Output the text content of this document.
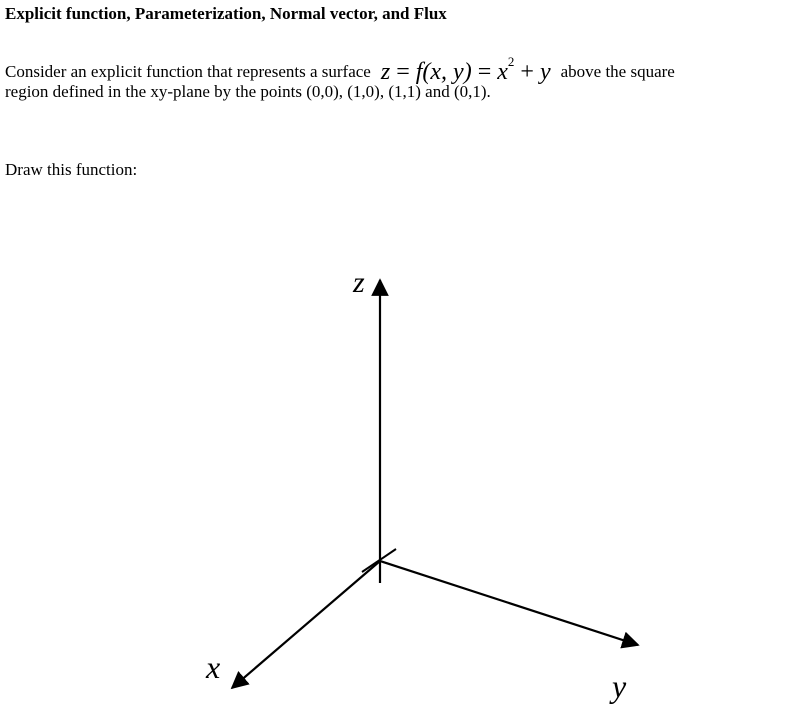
Explicit function, Parameterization, Normal vector, and Flux
Consider an explicit function that represents a surface z = f(x, $y) = x^2 + y$ above the square
region defined in the xy-plane by the points (0,0), (1,0), (1,1) and (0,1).
Draw this function:
z
x
y
